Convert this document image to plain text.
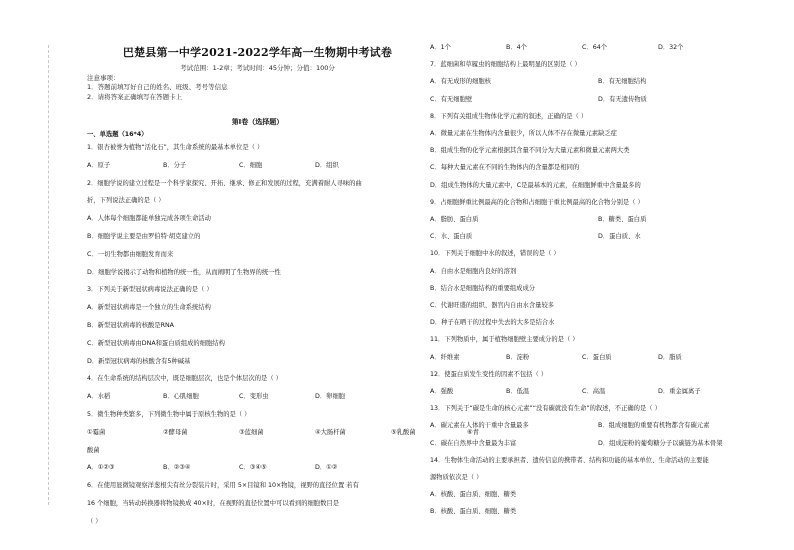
巴楚县第一中学2021-2022学年高一生物期中考试卷
考试范围：1-2章；考试时间：45分钟；分值：100分
注意事项：
1．答题前填写好自己的姓名、班级、考号等信息
2．请将答案正确填写在答题卡上
第Ⅰ卷（选择题）
一、单选题（16*4）
1．银杏被誉为植物“活化石”，其生命系统的最基本单位是（ ）
A．原子	B．分子	C．细胞	D．组织
2．细胞学说的建立过程是一个科学家探究、开拓、继承、修正和发展的过程，充满着耐人寻味的曲
折，下列说法正确的是（ ）
A．人体每个细胞都能单独完成各项生命活动
B．细胞学说主要是由罗伯特·胡克建立的
C．一切生物都由细胞发育而来
D．细胞学说揭示了动物和植物的统一性，从而阐明了生物界的统一性
3．下列关于新型冠状病毒说法正确的是（ ）
A．新型冠状病毒是一个独立的生命系统结构
B．新型冠状病毒的核酸是RNA
C．新型冠状病毒由DNA和蛋白质组成的细胞结构
D．新型冠状病毒的核酸含有5种碱基
4．在生命系统的结构层次中，既是细胞层次，也是个体层次的是（ ）
A．水稻	B．心肌细胞	C．变形虫	D．卵细胞
5．微生物种类繁多，下列微生物中属于原核生物的是（ ）
①霉菌	②酵母菌	③蓝细菌	④大肠杆菌	⑤乳酸菌	⑥青
酸菌
A．①②③	B．②③④	C．③④⑤	D．①②
6．在使用显微镜观察洋葱根尖有丝分裂装片时，采用 5×目镜和 10×物镜，视野的直径位置 若有
16 个细胞，当转动转换器将物镜换成 40×时，在视野的直径位置中可以看到的细胞数目是
（ ）
A．1个	B．4个	C．64个	D．32个
7．蓝细菌和草履虫的细胞结构上最明显的区别是（ ）
A．有无成形的细胞核	B．有无细胞结构
C．有无细胞壁	D．有无遗传物质
8．下列有关组成生物体化学元素的叙述，正确的是（ ）
A．微量元素在生物体内含量很少，所以人体不存在微量元素缺乏症
B．组成生物的化学元素根据其含量不同分为大量元素和微量元素两大类
C．每种大量元素在不同的生物体内的含量都是相同的
D．组成生物体的大量元素中，C是最基本的元素，在细胞鲜重中含量最多的
9．占细胞鲜重比例最高的化合物和占细胞干重比例最高的化合物分别是（ ）
A．脂肪、蛋白质	B．糖类、蛋白质
C．水、蛋白质	D．蛋白质、水
10．下列关于细胞中水的叙述，错误的是（ ）
A．自由水是细胞内良好的溶剂
B．结合水是细胞结构的重要组成成分
C．代谢旺盛的组织、器官内自由水含量较多
D．种子在晒干的过程中失去的大多是结合水
11．下列物质中，属于植物细胞壁主要成分的是（ ）
A．纤维素	B．淀粉	C．蛋白质	D．脂质
12．使蛋白质发生变性的因素不包括（ ）
A．强酸	B．低温	C．高温	D．重金属离子
13．下列关于“碳是生命的核心元素”“没有碳就没有生命”的叙述，不正确的是（ ）
A．碳元素在人体的干重中含量最多	B．组成细胞的重要有机物都含有碳元素
C．碳在自然界中含量最为丰富	D．组成淀粉的葡萄糖分子以碳链为基本骨架
14．生物体生命活动的主要承担者、遗传信息的携带者、结构和功能的基本单位、生命活动的主要能
源物质依次是（ ）
A．核酸、蛋白质、细胞、糖类
B．核酸、蛋白质、细胞、糖类
